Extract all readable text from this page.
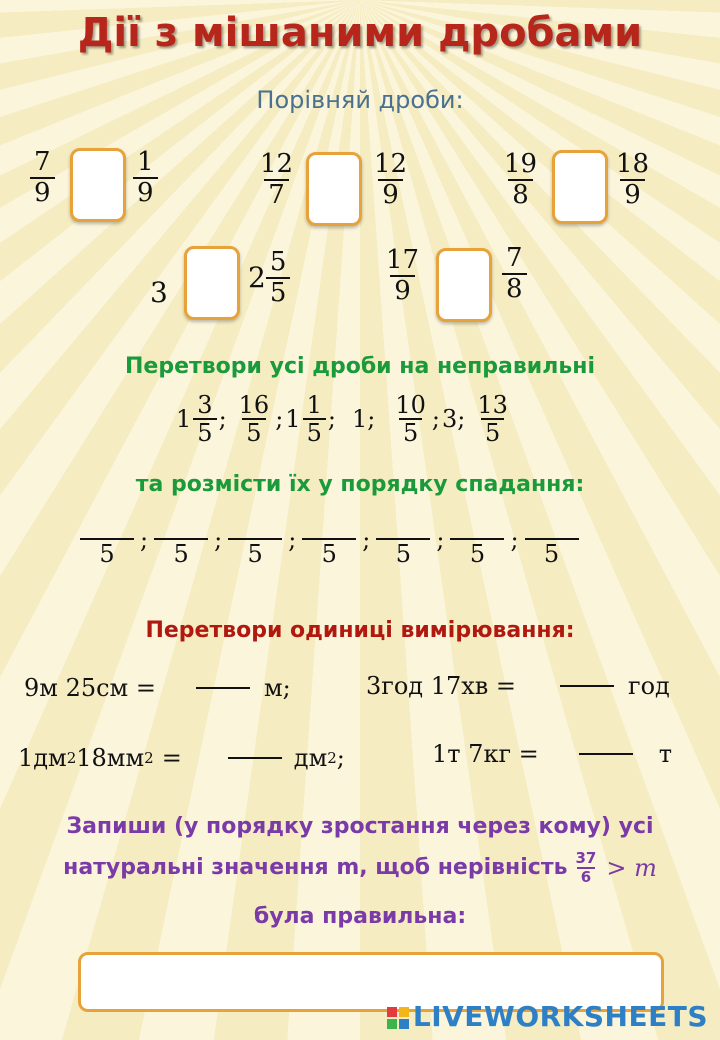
Дії з мішаними дробами
Порівняй дроби:
$\frac{7}{9}$	$\frac{1}{9}$	$\frac{12}{7}$	$\frac{12}{9}$	$\frac{19}{8}$	$\frac{18}{9}$
3	$2 \frac{5}{5}$	$\frac{17}{9}$	$\frac{7}{8}$
Перетвори усі дроби на неправильні
$1 \frac{3}{5}$ ; $\frac{16}{5}$ ; $1 \frac{1}{5}$ ; 1; $\frac{10}{5}$ ; 3; $\frac{13}{5}$
та розмісти їх у порядку спадання:
5	;	5	;	5	;	5	;	5	;	5	;	5
Перетвори одиниці вимірювання:
9м 25см =	м;	3год 17хв =	год
1дм 2 18мм 2 =	дм 2 ;	1т 7кг =	т
Запиши (у порядку зростання через кому) усі
натуральні значення m, щоб нерівність $\frac{37}{6} > m$
була правильна:
LIVEWORKSHEETS
